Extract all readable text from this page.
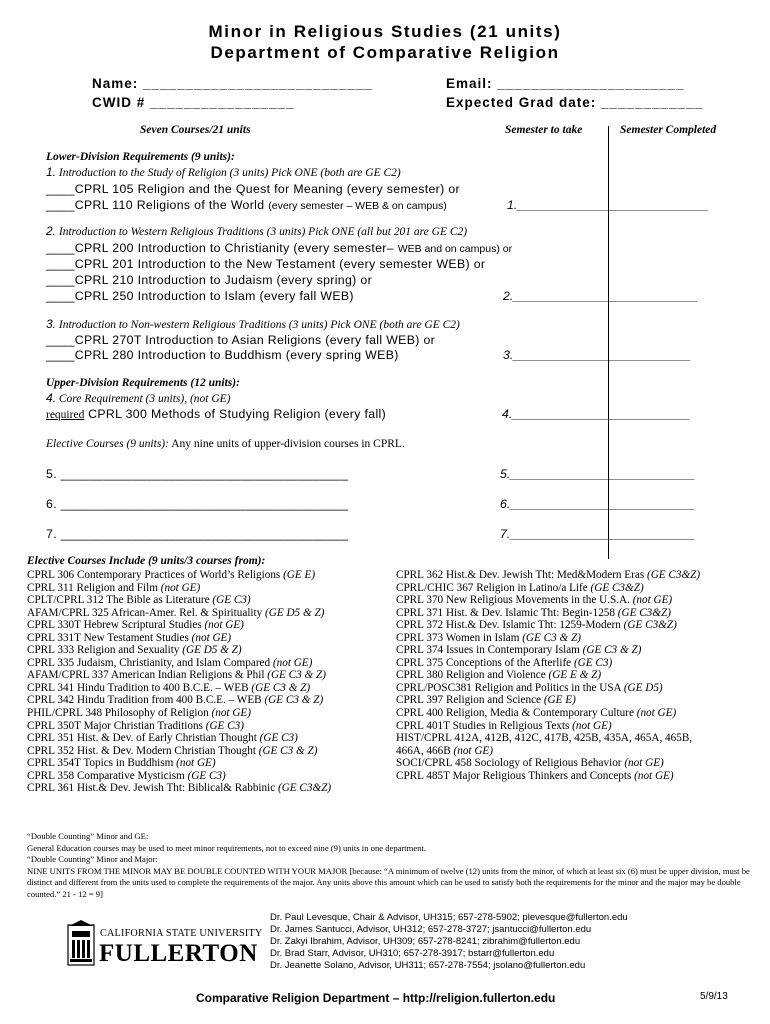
Minor in Religious Studies (21 units)
Department of Comparative Religion
Name: ___________________________
CWID # _________________
Email: ______________________
Expected Grad date: ____________
Seven Courses/21 units	Semester to take	Semester Completed
Lower-Division Requirements (9 units):
1. Introduction to the Study of Religion (3 units) Pick ONE (both are GE C2)
____CPRL 105 Religion and the Quest for Meaning (every semester) or
____CPRL 110 Religions of the World (every semester – WEB & on campus)	1.____________________________
2. Introduction to Western Religious Traditions (3 units) Pick ONE (all but 201 are GE C2)
____CPRL 200 Introduction to Christianity (every semester– WEB and on campus) or
____CPRL 201 Introduction to the New Testament (every semester WEB) or
____CPRL 210 Introduction to Judaism (every spring) or
____CPRL 250 Introduction to Islam (every fall WEB)	2.___________________________
3. Introduction to Non-western Religious Traditions (3 units) Pick ONE (both are GE C2)
____CPRL 270T Introduction to Asian Religions (every fall WEB) or
____CPRL 280 Introduction to Buddhism (every spring WEB)	3.__________________________
Upper-Division Requirements (12 units):
4. Core Requirement (3 units), (not GE)
required CPRL 300 Methods of Studying Religion (every fall)	4.__________________________
Elective Courses (9 units): Any nine units of upper-division courses in CPRL.
5. ________________________________________	5.___________________________
6. ________________________________________	6.___________________________
7. ________________________________________	7.___________________________
Elective Courses Include (9 units/3 courses from):
CPRL 306 Contemporary Practices of World’s Religions (GE E)
CPRL 311 Religion and Film (not GE)
CPLT/CPRL 312 The Bible as Literature (GE C3)
AFAM/CPRL 325 African-Amer. Rel. & Spirituality (GE D5 & Z)
CPRL 330T Hebrew Scriptural Studies (not GE)
CPRL 331T New Testament Studies (not GE)
CPRL 333 Religion and Sexuality (GE D5 & Z)
CPRL 335 Judaism, Christianity, and Islam Compared (not GE)
AFAM/CPRL 337 American Indian Religions & Phil (GE C3 & Z)
CPRL 341 Hindu Tradition to 400 B.C.E. – WEB (GE C3 & Z)
CPRL 342 Hindu Tradition from 400 B.C.E. – WEB (GE C3 & Z)
PHIL/CPRL 348 Philosophy of Religion (not GE)
CPRL 350T Major Christian Traditions (GE C3)
CPRL 351 Hist. & Dev. of Early Christian Thought (GE C3)
CPRL 352 Hist. & Dev. Modern Christian Thought (GE C3 & Z)
CPRL 354T Topics in Buddhism (not GE)
CPRL 358 Comparative Mysticism (GE C3)
CPRL 361 Hist.& Dev. Jewish Tht: Biblical& Rabbinic (GE C3&Z)
CPRL 362 Hist.& Dev. Jewish Tht: Med&Modern Eras (GE C3&Z)
CPRL/CHIC 367 Religion in Latino/a Life (GE C3&Z)
CPRL 370 New Religious Movements in the U.S.A. (not GE)
CPRL 371 Hist. & Dev. Islamic Tht: Begin-1258 (GE C3&Z)
CPRL 372 Hist.& Dev. Islamic Tht: 1259-Modern (GE C3&Z)
CPRL 373 Women in Islam (GE C3 & Z)
CPRL 374 Issues in Contemporary Islam (GE C3 & Z)
CPRL 375 Conceptions of the Afterlife (GE C3)
CPRL 380 Religion and Violence (GE E & Z)
CPRL/POSC381 Religion and Politics in the USA (GE D5)
CPRL 397 Religion and Science (GE E)
CPRL 400 Religion, Media & Contemporary Culture (not GE)
CPRL 401T Studies in Religious Texts (not GE)
HIST/CPRL 412A, 412B, 412C, 417B, 425B, 435A, 465A, 465B,
466A, 466B (not GE)
SOCI/CPRL 458 Sociology of Religious Behavior (not GE)
CPRL 485T Major Religious Thinkers and Concepts (not GE)
“Double Counting” Minor and GE:
General Education courses may be used to meet minor requirements, not to exceed nine (9) units in one department.
“Double Counting” Minor and Major:
NINE UNITS FROM THE MINOR MAY BE DOUBLE COUNTED WITH YOUR MAJOR [because: “A minimum of twelve (12) units from the minor, of which at least six (6) must be upper division, must be distinct and different from the units used to complete the requirements of the major. Any units above this amount which can be used to satisfy both the requirements for the minor and the major may be double counted.” 21 - 12 = 9]
CALIFORNIA STATE UNIVERSITY
FULLERTON
Dr. Paul Levesque, Chair & Advisor, UH315; 657-278-5902; plevesque@fullerton.edu
Dr. James Santucci, Advisor, UH312; 657-278-3727; jsantucci@fullerton.edu
Dr. Zakyi Ibrahim, Advisor, UH309; 657-278-8241; zibrahim@fullerton.edu
Dr. Brad Starr, Advisor, UH310; 657-278-3917; bstarr@fullerton.edu
Dr. Jeanette Solano, Advisor, UH311; 657-278-7554; jsolano@fullerton.edu
Comparative Religion Department – http://religion.fullerton.edu	5/9/13
